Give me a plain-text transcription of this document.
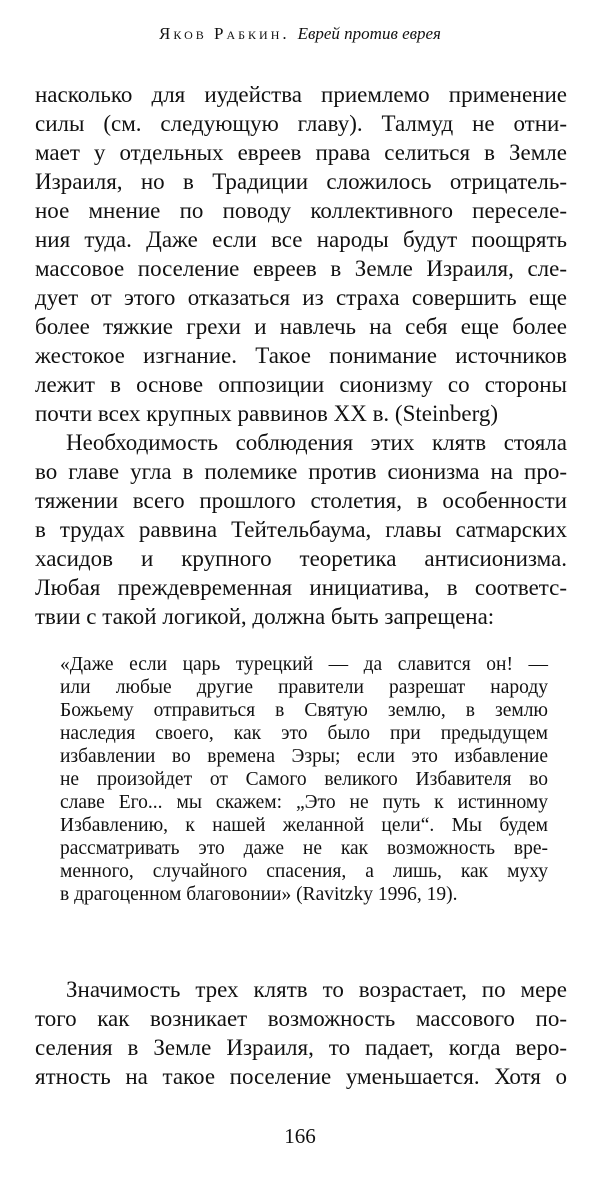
Яков Рабкин. Еврей против еврея
насколько для иудейства приемлемо применение
силы (см. следующую главу). Талмуд не отни-
мает у отдельных евреев права селиться в Земле
Израиля, но в Традиции сложилось отрицатель-
ное мнение по поводу коллективного переселе-
ния туда. Даже если все народы будут поощрять
массовое поселение евреев в Земле Израиля, сле-
дует от этого отказаться из страха совершить еще
более тяжкие грехи и навлечь на себя еще более
жестокое изгнание. Такое понимание источников
лежит в основе оппозиции сионизму со стороны
почти всех крупных раввинов XX в. (Steinberg)
Необходимость соблюдения этих клятв стояла
во главе угла в полемике против сионизма на про-
тяжении всего прошлого столетия, в особенности
в трудах раввина Тейтельбаума, главы сатмарских
хасидов и крупного теоретика антисионизма.
Любая преждевременная инициатива, в соответс-
твии с такой логикой, должна быть запрещена:
«Даже если царь турецкий — да славится он! —
или любые другие правители разрешат народу
Божьему отправиться в Святую землю, в землю
наследия своего, как это было при предыдущем
избавлении во времена Эзры; если это избавление
не произойдет от Самого великого Избавителя во
славе Его... мы скажем: „Это не путь к истинному
Избавлению, к нашей желанной цели“. Мы будем
рассматривать это даже не как возможность вре-
менного, случайного спасения, а лишь, как муху
в драгоценном благовонии» (Ravitzky 1996, 19).
Значимость трех клятв то возрастает, по мере
того как возникает возможность массового по-
селения в Земле Израиля, то падает, когда веро-
ятность на такое поселение уменьшается. Хотя о
166
